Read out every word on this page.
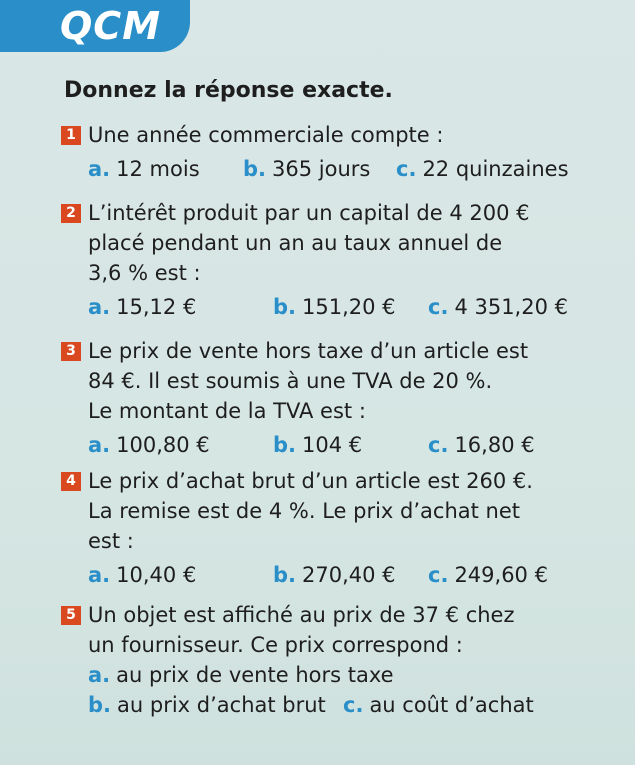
QCM
Donnez la réponse exacte.
1 Une année commerciale compte :
a. 12 mois b. 365 jours c. 22 quinzaines
2 L’intérêt produit par un capital de 4 200 €
placé pendant un an au taux annuel de
3,6 % est :
a. 15,12 €	b. 151,20 € c. 4 351,20 €
3 Le prix de vente hors taxe d’un article est
84 €. Il est soumis à une TVA de 20 %.
Le montant de la TVA est :
a. 100,80 €	b. 104 €	c. 16,80 €
4 Le prix d’achat brut d’un article est 260 €.
La remise est de 4 %. Le prix d’achat net
est :
a. 10,40 €	b. 270,40 € c. 249,60 €
5 Un objet est affiché au prix de 37 € chez
un fournisseur. Ce prix correspond :
a. au prix de vente hors taxe
b. au prix d’achat brut c. au coût d’achat
